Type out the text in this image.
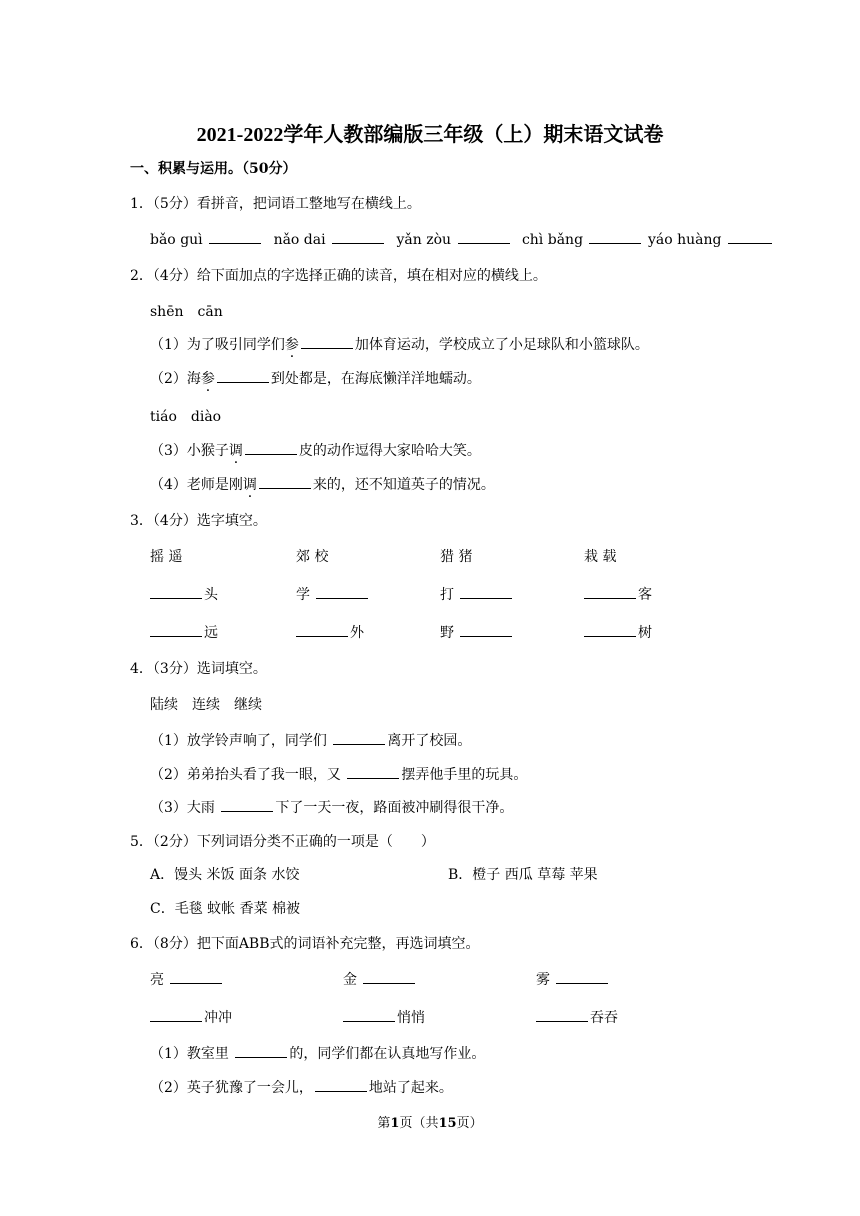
2021-2022学年人教部编版三年级（上）期末语文试卷
一、积累与运用。（50分）
1．（5分）看拼音，把词语工整地写在横线上。
bǎo guì	nǎo dai	yǎn zòu	chì bǎng	yáo huàng
2．（4分）给下面加点的字选择正确的读音，填在相对应的横线上。
shēn　cān
（1）为了吸引同学们参	加体育运动，学校成立了小足球队和小篮球队。
（2）海参	到处都是，在海底懒洋洋地蠕动。
tiáo　diào
（3）小猴子调	皮的动作逗得大家哈哈大笑。
（4）老师是刚调	来的，还不知道英子的情况。
3．（4分）选字填空。
摇 遥	郊 校	猎 猪	栽 载
头	学	打	客
远	外	野	树
4．（3分）选词填空。
陆续　连续　继续
（1）放学铃声响了，同学们	离开了校园。
（2）弟弟抬头看了我一眼，又	摆弄他手里的玩具。
（3）大雨	下了一天一夜，路面被冲刷得很干净。
5．（2分）下列词语分类不正确的一项是（　　）
A．馒头 米饭 面条 水饺	B．橙子 西瓜 草莓 苹果
C．毛毯 蚊帐 香菜 棉被
6．（8分）把下面ABB式的词语补充完整，再选词填空。
亮	金	雾
冲冲	悄悄	吞吞
（1）教室里	的，同学们都在认真地写作业。
（2）英子犹豫了一会儿，	地站了起来。
第1页（共15页）
